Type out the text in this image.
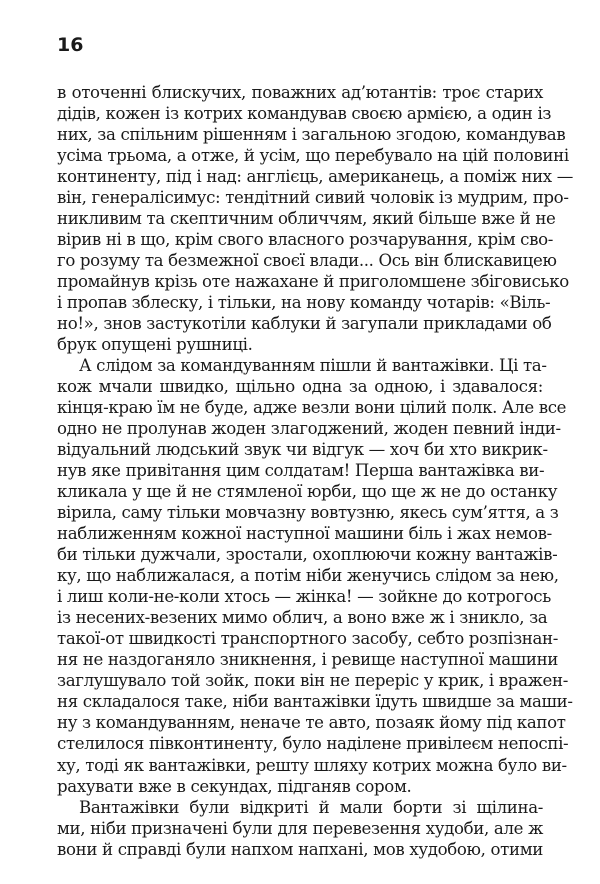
16
в оточенні блискучих, поважних ад’ютантів: троє старих
дідів, кожен із котрих командував своєю армією, а один із
них, за спільним рішенням і загальною згодою, командував
усіма трьома, а отже, й усім, що перебувало на цій половині
континенту, під і над: англієць, американець, а поміж них —
він, генералісимус: тендітний сивий чоловік із мудрим, про-
никливим та скептичним обличчям, який більше вже й не
вірив ні в що, крім свого власного розчарування, крім сво-
го розуму та безмежної своєї влади... Ось він блискавицею
промайнув крізь оте нажахане й приголомшене збіговисько
і пропав зблеску, і тільки, на нову команду чотарів: «Віль-
но!», знов застукотіли каблуки й загупали прикладами об
брук опущені рушниці.
А слідом за командуванням пішли й вантажівки. Ці та-
кож мчали швидко, щільно одна за одною, і здавалося:
кінця-краю їм не буде, адже везли вони цілий полк. Але все
одно не пролунав жоден злагоджений, жоден певний інди-
відуальний людський звук чи відгук — хоч би хто викрик-
нув яке привітання цим солдатам! Перша вантажівка ви-
кликала у ще й не стямленої юрби, що ще ж не до останку
вірила, саму тільки мовчазну вовтузню, якесь сум’яття, а з
наближенням кожної наступної машини біль і жах немов-
би тільки дужчали, зростали, охоплюючи кожну вантажів-
ку, що наближалася, а потім ніби женучись слідом за нею,
і лиш коли-не-коли хтось — жінка! — зойкне до котрогось
із несених-везених мимо облич, а воно вже ж і зникло, за
такої-от швидкості транспортного засобу, себто розпізнан-
ня не наздоганяло зникнення, і ревище наступної машини
заглушувало той зойк, поки він не переріс у крик, і вражен-
ня складалося таке, ніби вантажівки їдуть швидше за маши-
ну з командуванням, неначе те авто, позаяк йому під капот
стелилося півконтиненту, було наділене привілеєм непоспі-
ху, тоді як вантажівки, решту шляху котрих можна було ви-
рахувати вже в секундах, підганяв сором.
Вантажівки були відкриті й мали борти зі щілина-
ми, ніби призначені були для перевезення худоби, але ж
вони й справді були напхом напхані, мов худобою, отими
